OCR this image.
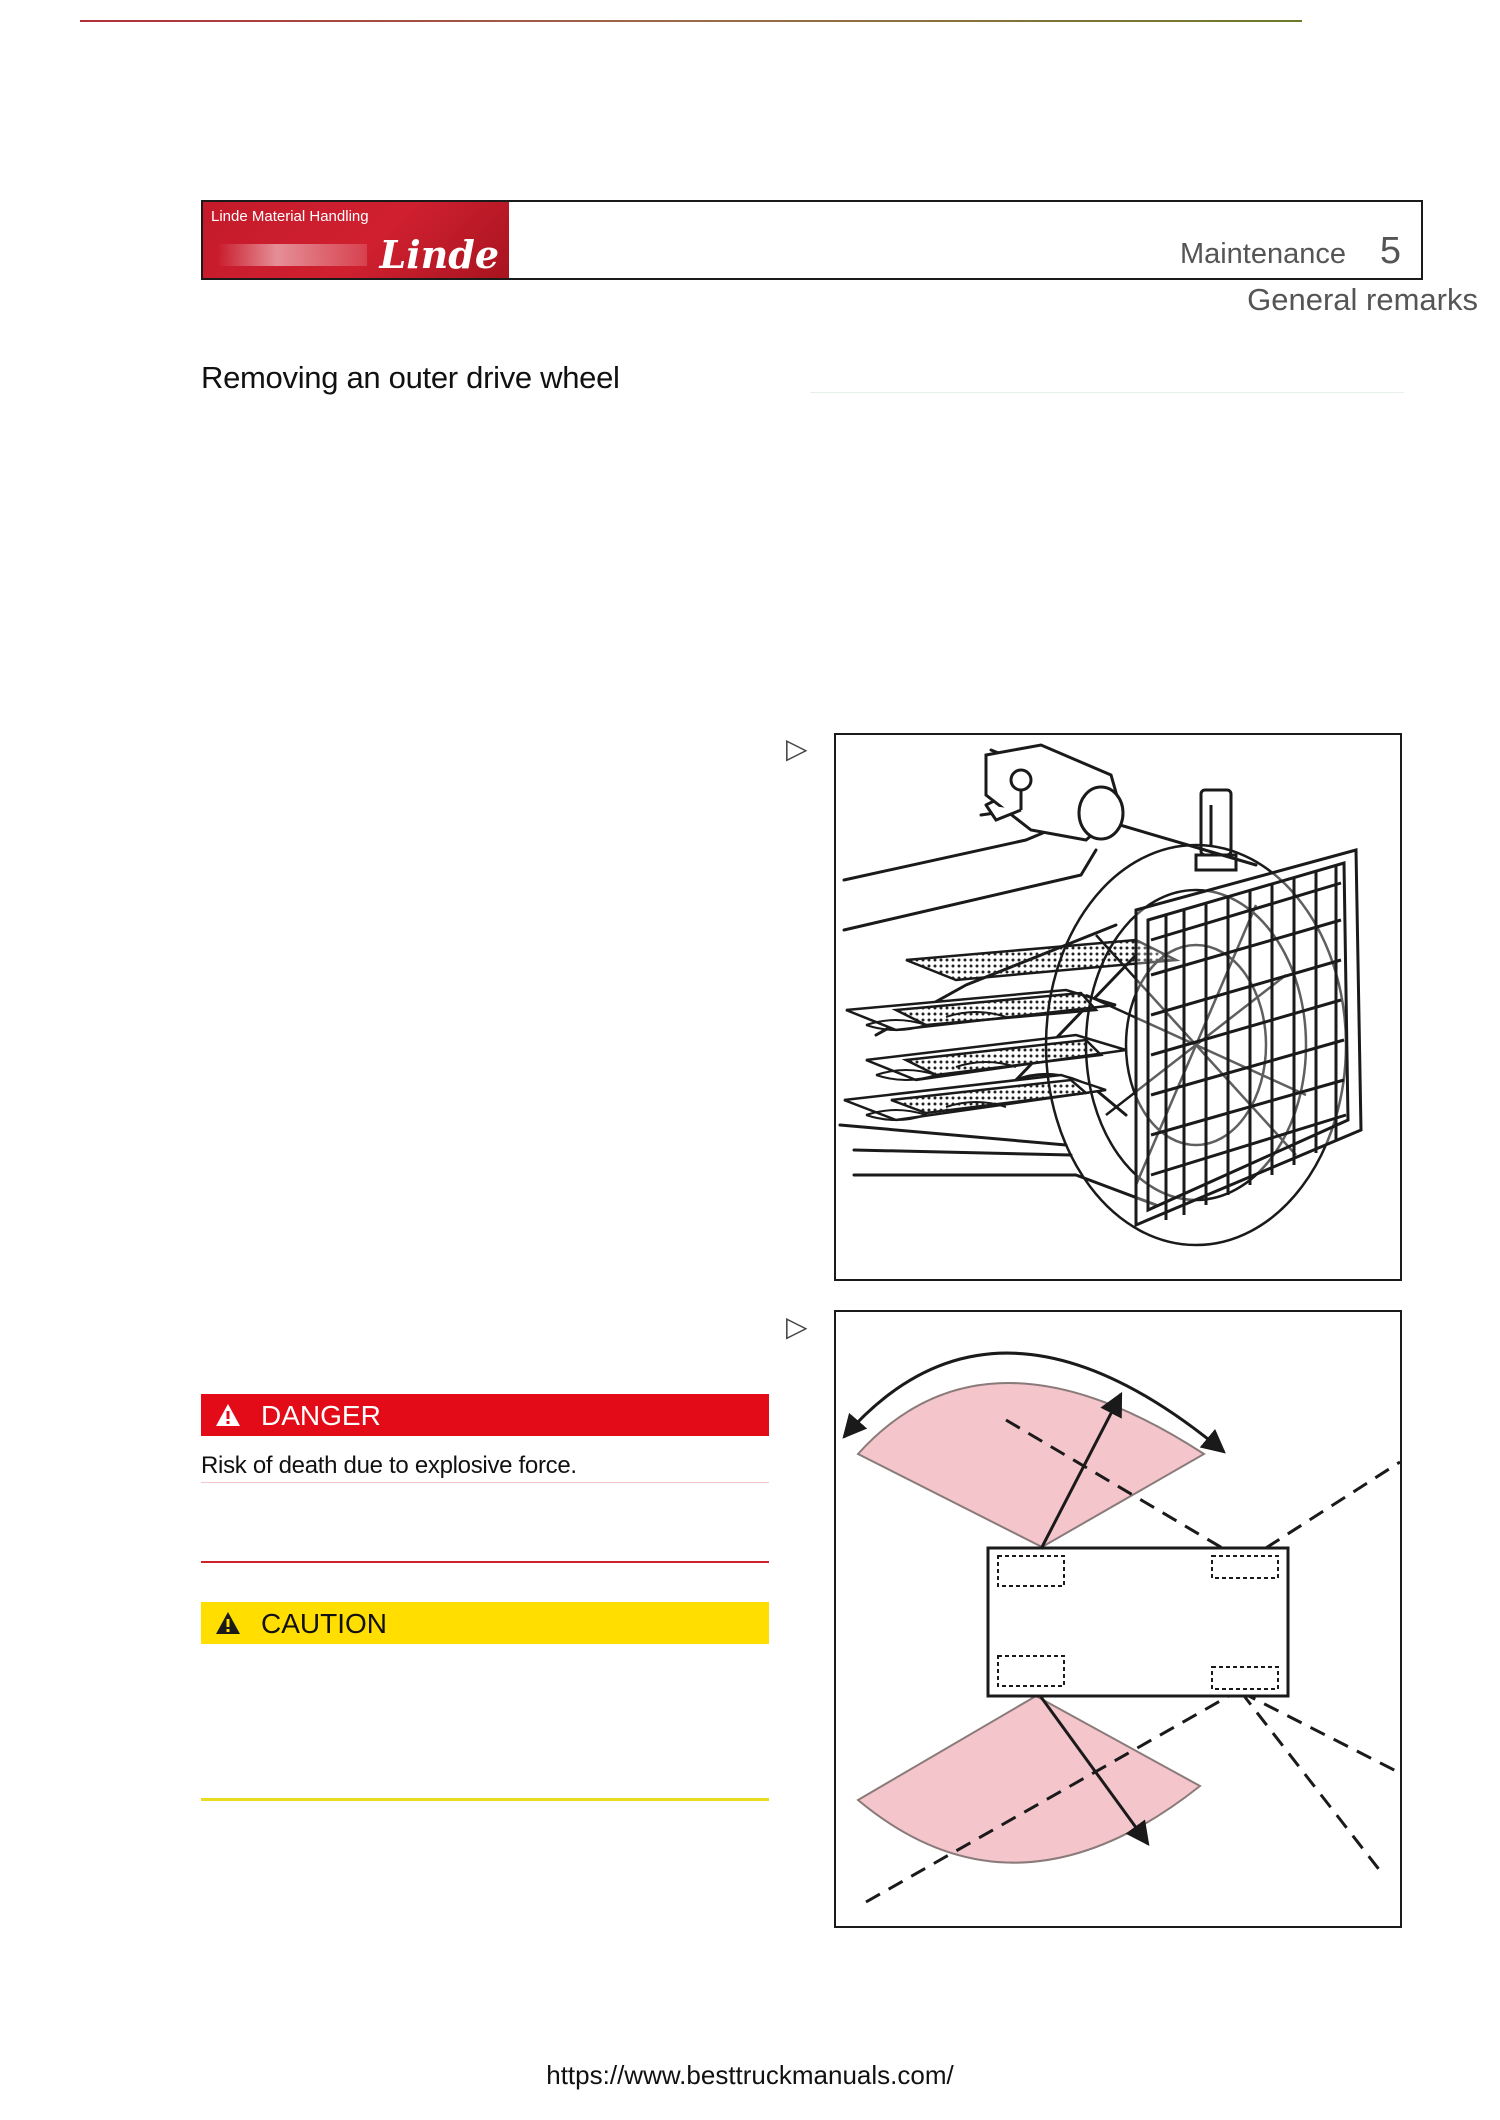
Linde Material Handling
Linde	Maintenance 5
General remarks
Removing an outer drive wheel
▷
▷
DANGER
Risk of death due to explosive force.
CAUTION
https://www.besttruckmanuals.com/
